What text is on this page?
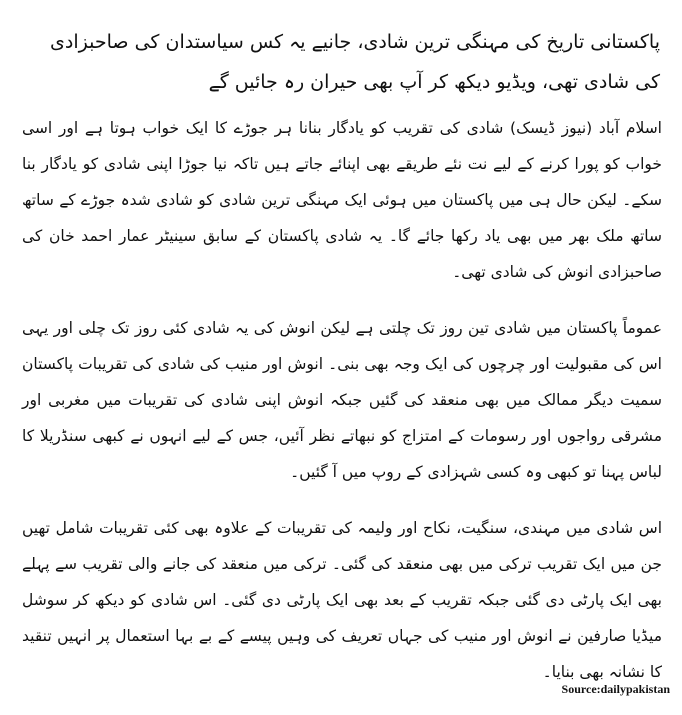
پاکستانی تاریخ کی مہنگی ترین شادی، جانیے یہ کس سیاستدان کی صاحبزادی کی شادی تھی، ویڈیو دیکھ کر آپ بھی حیران رہ جائیں گے

اسلام آباد (نیوز ڈیسک) شادی کی تقریب کو یادگار بنانا ہر جوڑے کا ایک خواب ہوتا ہے اور اسی خواب کو پورا کرنے کے لیے نت نئے طریقے بھی اپنائے جاتے ہیں تاکہ نیا جوڑا اپنی شادی کو یادگار بنا سکے۔ لیکن حال ہی میں پاکستان میں ہوئی ایک مہنگی ترین شادی کو شادی شدہ جوڑے کے ساتھ ساتھ ملک بھر میں بھی یاد رکھا جائے گا۔ یہ شادی پاکستان کے سابق سینیٹر عمار احمد خان کی صاحبزادی انوش کی شادی تھی۔

عموماً پاکستان میں شادی تین روز تک چلتی ہے لیکن انوش کی یہ شادی کئی روز تک چلی اور یہی اس کی مقبولیت اور چرچوں کی ایک وجہ بھی بنی۔ انوش اور منیب کی شادی کی تقریبات پاکستان سمیت دیگر ممالک میں بھی منعقد کی گئیں جبکہ انوش اپنی شادی کی تقریبات میں مغربی اور مشرقی رواجوں اور رسومات کے امتزاج کو نبھاتے نظر آئیں، جس کے لیے انہوں نے کبھی سنڈریلا کا لباس پہنا تو کبھی وہ کسی شہزادی کے روپ میں آ گئیں۔

اس شادی میں مہندی، سنگیت، نکاح اور ولیمہ کی تقریبات کے علاوہ بھی کئی تقریبات شامل تھیں جن میں ایک تقریب ترکی میں بھی منعقد کی گئی۔ ترکی میں منعقد کی جانے والی تقریب سے پہلے بھی ایک پارٹی دی گئی جبکہ تقریب کے بعد بھی ایک پارٹی دی گئی۔ اس شادی کو دیکھ کر سوشل میڈیا صارفین نے انوش اور منیب کی جہاں تعریف کی وہیں پیسے کے بے بہا استعمال پر انہیں تنقید کا نشانہ بھی بنایا۔

Source:dailypakistan
